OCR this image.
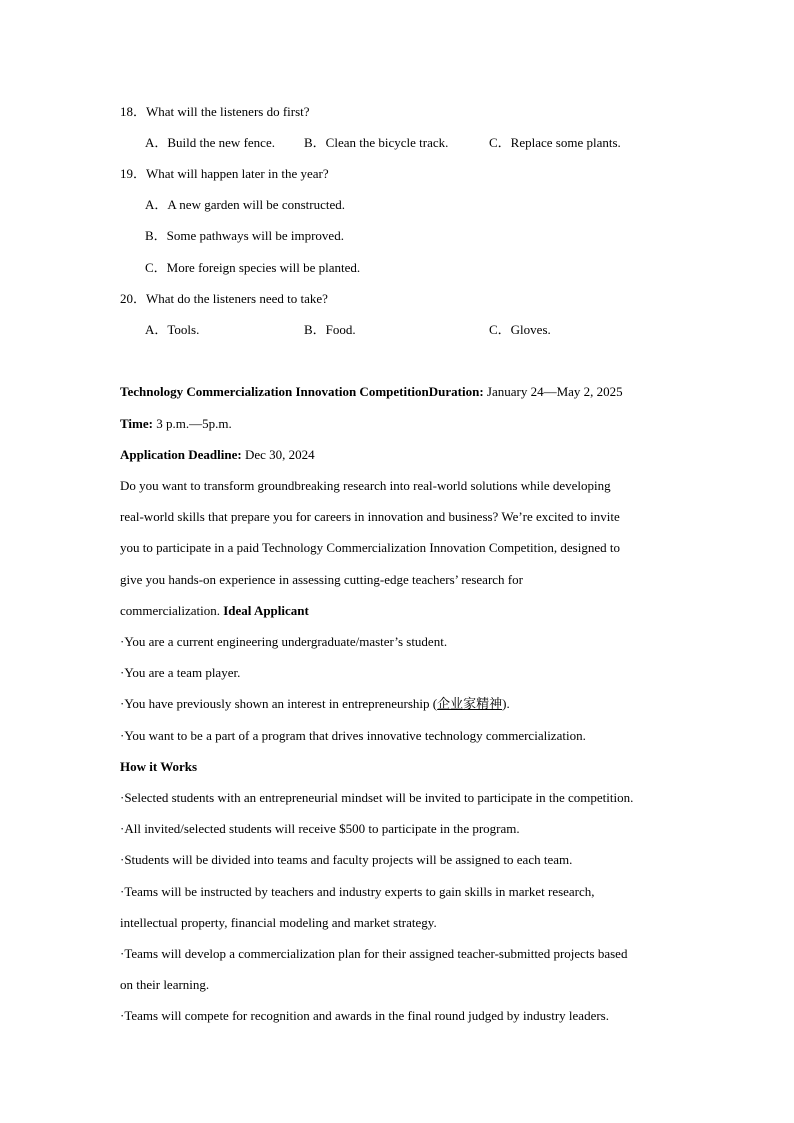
18．What will the listeners do first?
A．Build the new fence. B．Clean the bicycle track.	C．Replace some plants.
19．What will happen later in the year?
A．A new garden will be constructed.
B．Some pathways will be improved.
C．More foreign species will be planted.
20．What do the listeners need to take?
A．Tools.	B．Food.	C．Gloves.
Technology Commercialization Innovation CompetitionDuration: January 24—May 2, 2025
Time: 3 p.m.—5p.m.
Application Deadline: Dec 30, 2024
Do you want to transform groundbreaking research into real-world solutions while developing
real-world skills that prepare you for careers in innovation and business? We’re excited to invite
you to participate in a paid Technology Commercialization Innovation Competition, designed to
give you hands-on experience in assessing cutting-edge teachers’ research for
commercialization. Ideal Applicant
·You are a current engineering undergraduate/master’s student.
·You are a team player.
·You have previously shown an interest in entrepreneurship (企业家精神).
·You want to be a part of a program that drives innovative technology commercialization.
How it Works
·Selected students with an entrepreneurial mindset will be invited to participate in the competition.
·All invited/selected students will receive $500 to participate in the program.
·Students will be divided into teams and faculty projects will be assigned to each team.
·Teams will be instructed by teachers and industry experts to gain skills in market research,
intellectual property, financial modeling and market strategy.
·Teams will develop a commercialization plan for their assigned teacher-submitted projects based
on their learning.
·Teams will compete for recognition and awards in the final round judged by industry leaders.
